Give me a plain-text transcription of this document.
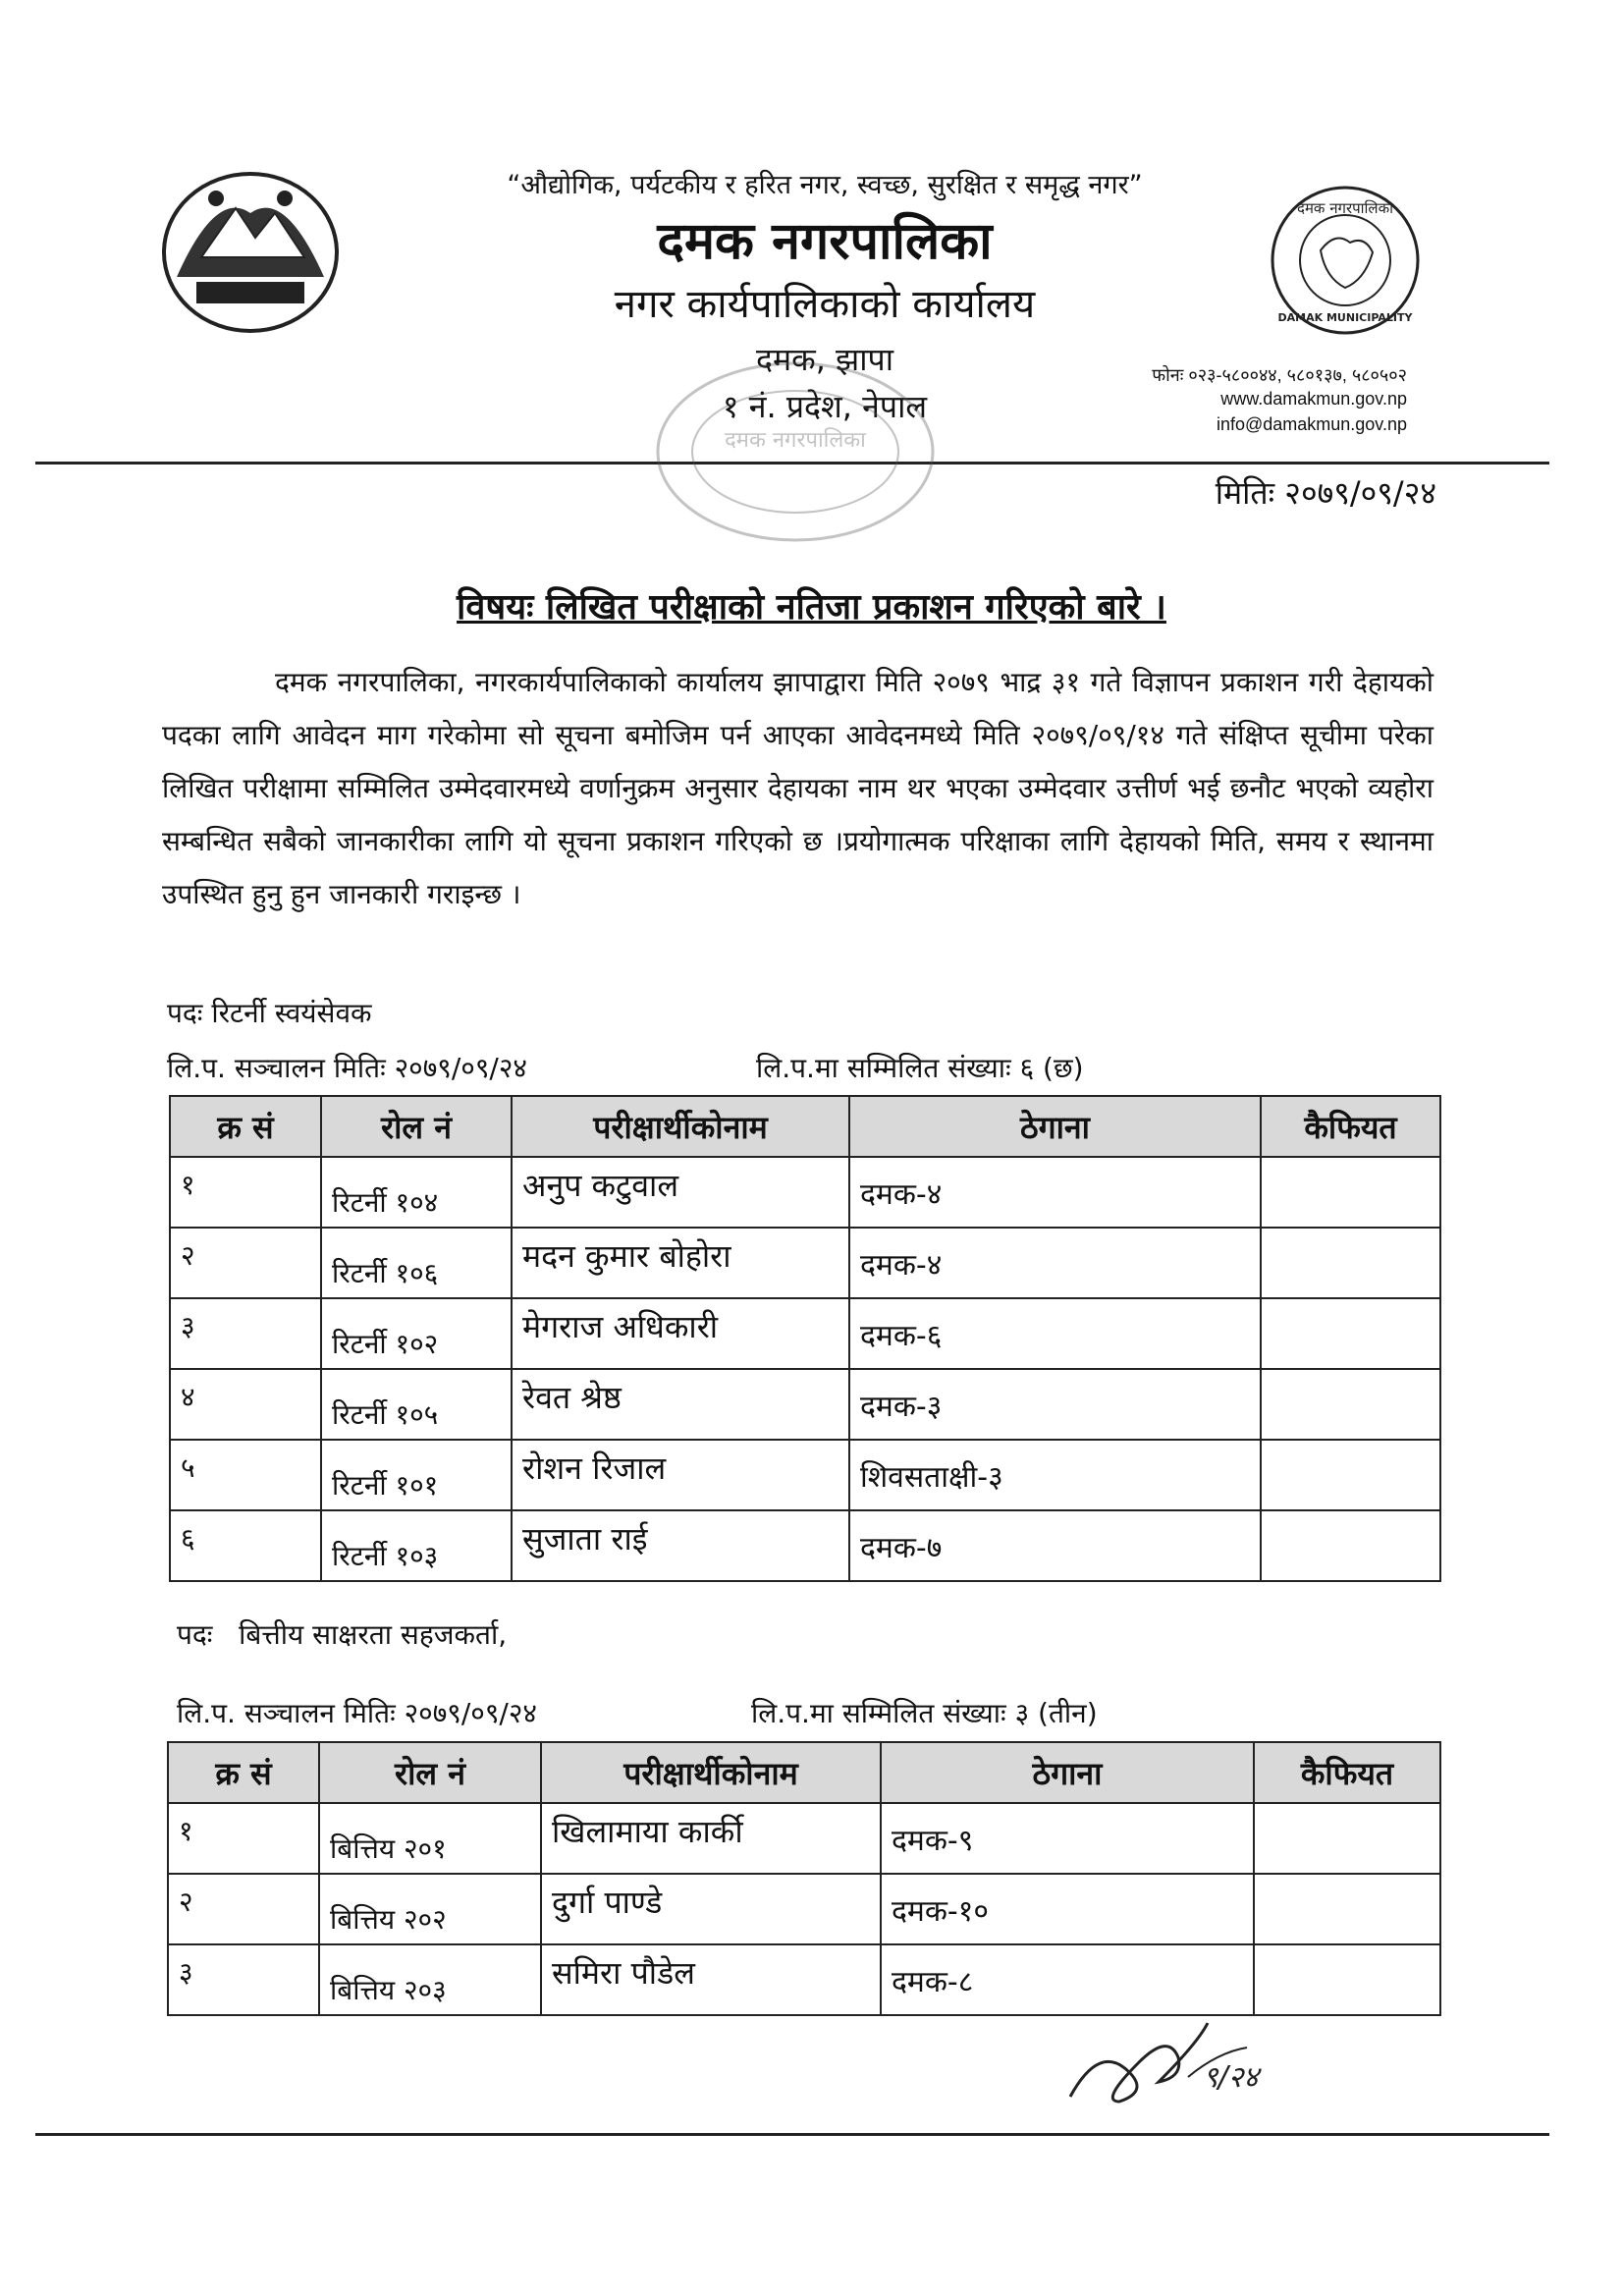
“औद्योगिक, पर्यटकीय र हरित नगर, स्वच्छ, सुरक्षित र समृद्ध नगर”
दमक नगरपालिका
नगर कार्यपालिकाको कार्यालय
दमक, झापा
१ नं. प्रदेश, नेपाल
दमक नगरपालिका
DAMAK MUNICIPALITY
फोनः ०२३-५८००४४, ५८०१३७, ५८०५०२
www.damakmun.gov.np
info@damakmun.gov.np
दमक नगरपालिका
मितिः २०७९/०९/२४
विषयः लिखित परीक्षाको नतिजा प्रकाशन गरिएको बारे ।
दमक नगरपालिका, नगरकार्यपालिकाको कार्यालय झापाद्वारा मिति २०७९ भाद्र ३१ गते विज्ञापन प्रकाशन गरी देहायको पदका लागि आवेदन माग गरेकोमा सो सूचना बमोजिम पर्न आएका आवेदनमध्ये मिति २०७९/०९/१४ गते संक्षिप्त सूचीमा परेका लिखित परीक्षामा सम्मिलित उम्मेदवारमध्ये वर्णानुक्रम अनुसार देहायका नाम थर भएका उम्मेदवार उत्तीर्ण भई छनौट भएको व्यहोरा सम्बन्धित सबैको जानकारीका लागि यो सूचना प्रकाशन गरिएको छ ।प्रयोगात्मक परिक्षाका लागि देहायको मिति, समय र स्थानमा उपस्थित हुनु हुन जानकारी गराइन्छ ।
पदः रिटर्नी स्वयंसेवक
लि.प. सञ्चालन मितिः २०७९/०९/२४	लि.प.मा सम्मिलित संख्याः ६ (छ)
क्र सं	रोल नं	परीक्षार्थीकोनाम	ठेगाना	कैफियत
१	रिटर्नी १०४	अनुप कटुवाल	दमक-४	
२	रिटर्नी १०६	मदन कुमार बोहोरा	दमक-४	
३	रिटर्नी १०२	मेगराज अधिकारी	दमक-६	
४	रिटर्नी १०५	रेवत श्रेष्ठ	दमक-३	
५	रिटर्नी १०१	रोशन रिजाल	शिवसताक्षी-३	
६	रिटर्नी १०३	सुजाता राई	दमक-७	
पदः   बित्तीय साक्षरता सहजकर्ता,
लि.प. सञ्चालन मितिः २०७९/०९/२४	लि.प.मा सम्मिलित संख्याः ३ (तीन)
क्र सं	रोल नं	परीक्षार्थीकोनाम	ठेगाना	कैफियत
१	बित्तिय २०१	खिलामाया कार्की	दमक-९	
२	बित्तिय २०२	दुर्गा पाण्डे	दमक-१०	
३	बित्तिय २०३	समिरा पौडेल	दमक-८	
९/२४
